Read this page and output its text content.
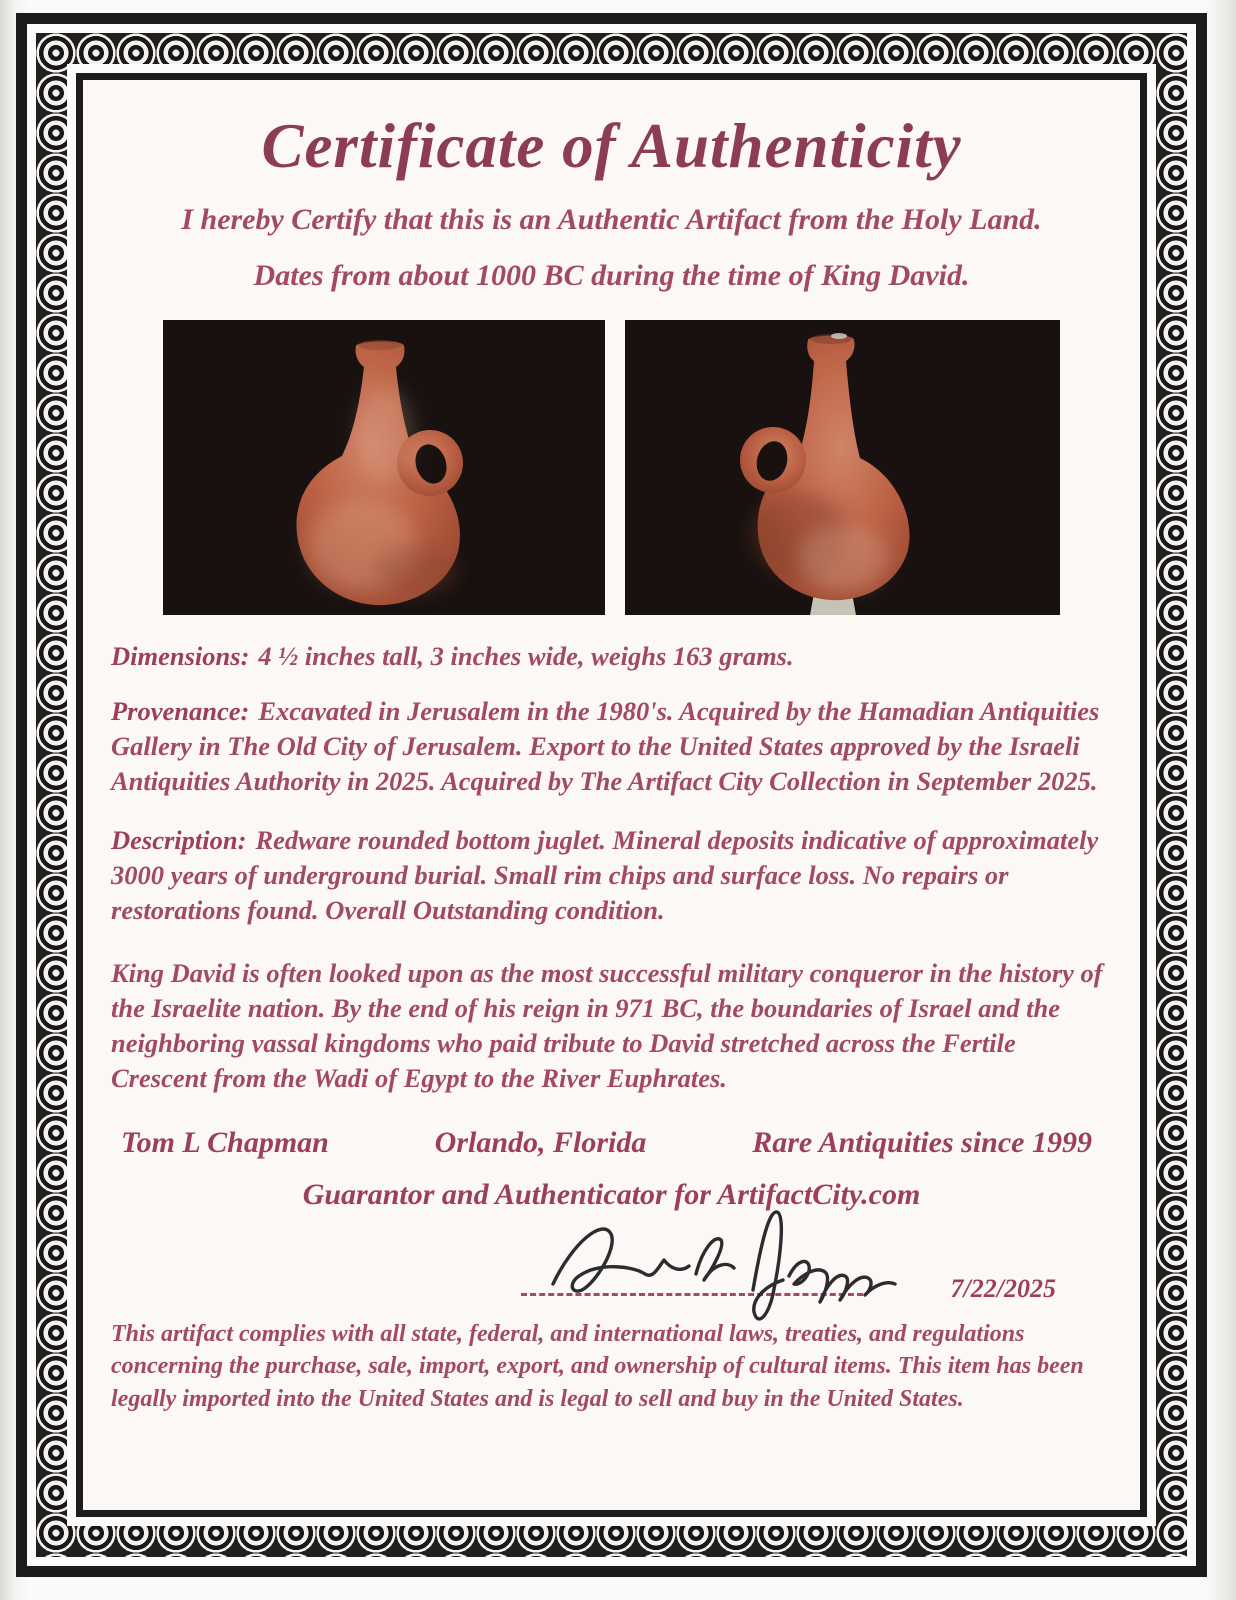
Certificate of Authenticity
I hereby Certify that this is an Authentic Artifact from the Holy Land.
Dates from about 1000 BC during the time of King David.
Dimensions: 4 ½ inches tall, 3 inches wide, weighs 163 grams.
Provenance: Excavated in Jerusalem in the 1980's. Acquired by the Hamadian Antiquities Gallery in The Old City of Jerusalem. Export to the United States approved by the Israeli Antiquities Authority in 2025. Acquired by The Artifact City Collection in September 2025.
Description: Redware rounded bottom juglet. Mineral deposits indicative of approximately 3000 years of underground burial. Small rim chips and surface loss. No repairs or restorations found. Overall Outstanding condition.
King David is often looked upon as the most successful military conqueror in the history of the Israelite nation. By the end of his reign in 971 BC, the boundaries of Israel and the neighboring vassal kingdoms who paid tribute to David stretched across the Fertile Crescent from the Wadi of Egypt to the River Euphrates.
Tom L Chapman	Orlando, Florida	Rare Antiquities since 1999
Guarantor and Authenticator for ArtifactCity.com
7/22/2025
This artifact complies with all state, federal, and international laws, treaties, and regulations concerning the purchase, sale, import, export, and ownership of cultural items. This item has been legally imported into the United States and is legal to sell and buy in the United States.
